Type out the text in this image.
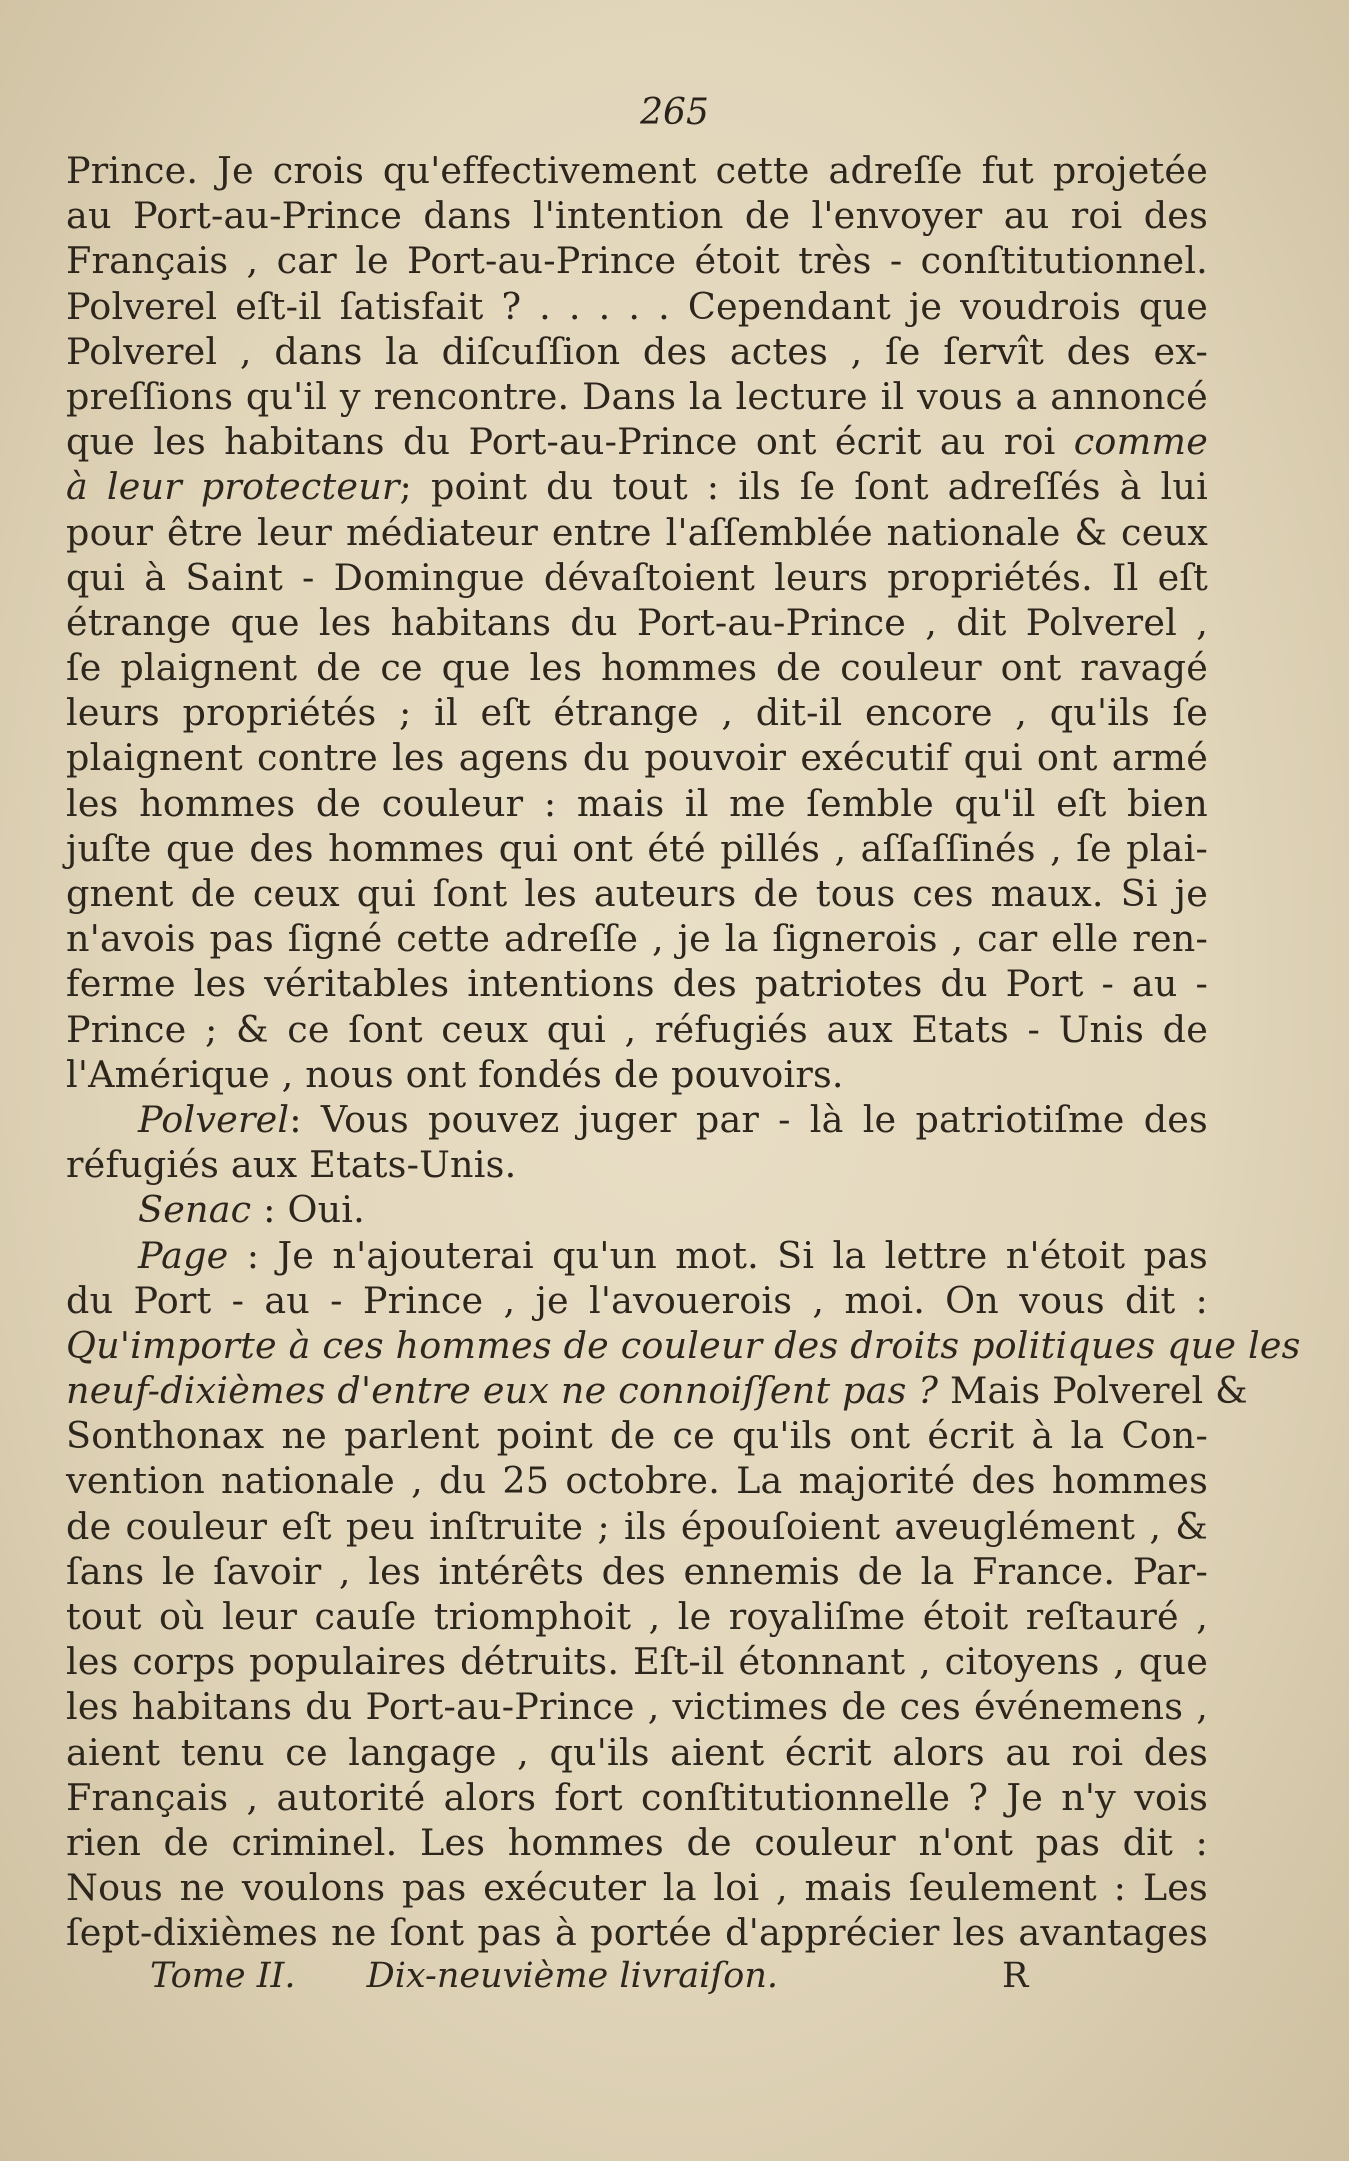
265
Prince. Je crois qu'effectivement cette adreſſe fut projetée
au Port-au-Prince dans l'intention de l'envoyer au roi des
Français , car le Port-au-Prince étoit très - conſtitutionnel.
Polverel eſt-il ſatisfait ? . . . . . Cependant je voudrois que
Polverel , dans la diſcuſſion des actes , ſe ſervît des ex-
preſſions qu'il y rencontre. Dans la lecture il vous a annoncé
que les habitans du Port-au-Prince ont écrit au roi comme
à leur protecteur; point du tout : ils ſe ſont adreſſés à lui
pour être leur médiateur entre l'aſſemblée nationale & ceux
qui à Saint - Domingue dévaſtoient leurs propriétés. Il eſt
étrange que les habitans du Port-au-Prince , dit Polverel ,
ſe plaignent de ce que les hommes de couleur ont ravagé
leurs propriétés ; il eſt étrange , dit-il encore , qu'ils ſe
plaignent contre les agens du pouvoir exécutif qui ont armé
les hommes de couleur : mais il me ſemble qu'il eſt bien
juſte que des hommes qui ont été pillés , aſſaſſinés , ſe plai-
gnent de ceux qui ſont les auteurs de tous ces maux. Si je
n'avois pas ſigné cette adreſſe , je la ſignerois , car elle ren-
ferme les véritables intentions des patriotes du Port - au -
Prince ; & ce ſont ceux qui , réfugiés aux Etats - Unis de
l'Amérique , nous ont fondés de pouvoirs.
Polverel: Vous pouvez juger par - là le patriotiſme des
réfugiés aux Etats-Unis.
Senac : Oui.
Page : Je n'ajouterai qu'un mot. Si la lettre n'étoit pas
du Port - au - Prince , je l'avouerois , moi. On vous dit :
Qu'importe à ces hommes de couleur des droits politiques que les
neuf-dixièmes d'entre eux ne connoiſſent pas ? Mais Polverel &
Sonthonax ne parlent point de ce qu'ils ont écrit à la Con-
vention nationale , du 25 octobre. La majorité des hommes
de couleur eſt peu inſtruite ; ils épouſoient aveuglément , &
ſans le ſavoir , les intérêts des ennemis de la France. Par-
tout où leur cauſe triomphoit , le royaliſme étoit reſtauré ,
les corps populaires détruits. Eſt-il étonnant , citoyens , que
les habitans du Port-au-Prince , victimes de ces événemens ,
aient tenu ce langage , qu'ils aient écrit alors au roi des
Français , autorité alors fort conſtitutionnelle ? Je n'y vois
rien de criminel. Les hommes de couleur n'ont pas dit :
Nous ne voulons pas exécuter la loi , mais ſeulement : Les
ſept-dixièmes ne ſont pas à portée d'apprécier les avantages
Tome II. Dix-neuvième livraiſon.	R
